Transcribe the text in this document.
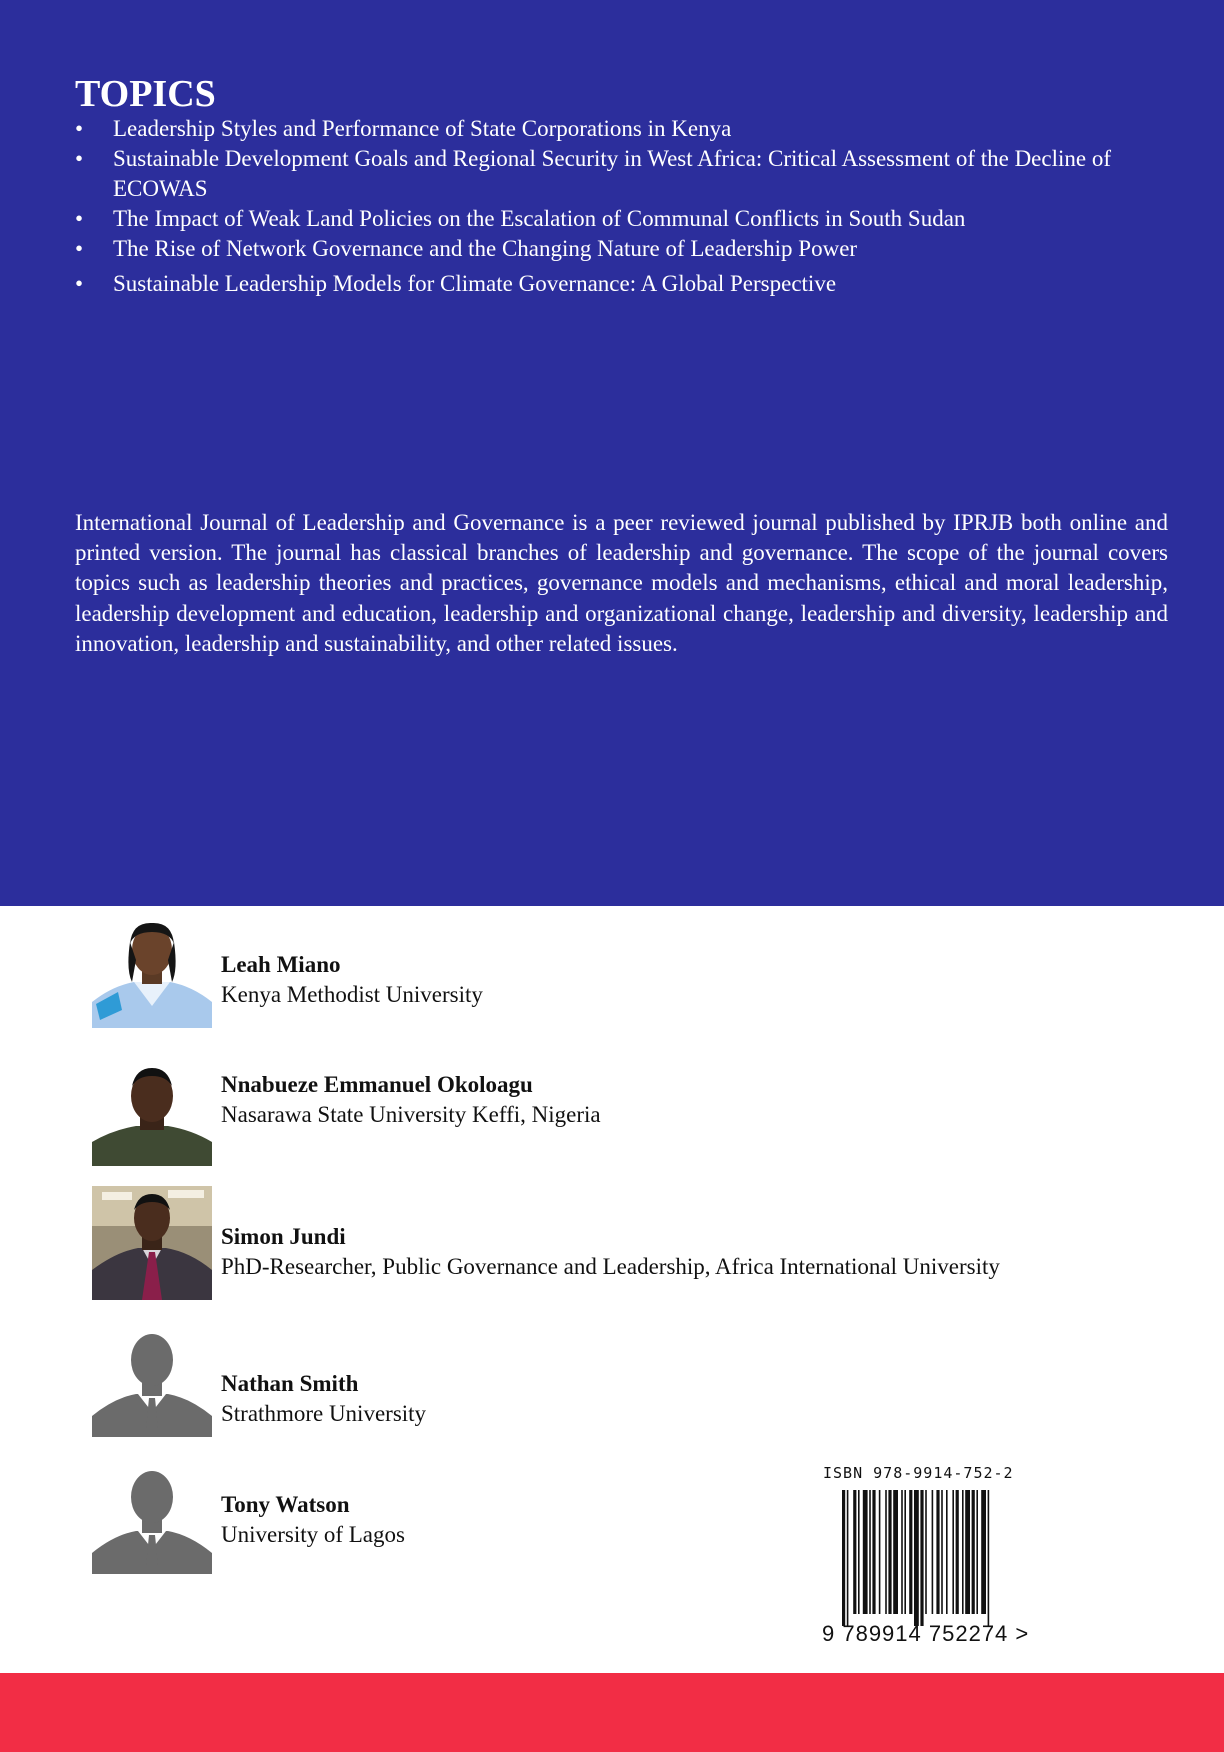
TOPICS
• Leadership Styles and Performance of State Corporations in Kenya
• Sustainable Development Goals and Regional Security in West Africa: Critical Assessment of the Decline of ECOWAS
• The Impact of Weak Land Policies on the Escalation of Communal Conflicts in South Sudan
• The Rise of Network Governance and the Changing Nature of Leadership Power
• Sustainable Leadership Models for Climate Governance: A Global Perspective

International Journal of Leadership and Governance is a peer reviewed journal published by IPRJB both online and printed version. The journal has classical branches of leadership and governance. The scope of the journal covers topics such as leadership theories and practices, governance models and mechanisms, ethical and moral leadership, leadership development and education, leadership and organizational change, leadership and diversity, leadership and innovation, leadership and sustainability, and other related issues.

Leah Miano
Kenya Methodist University
Nnabueze Emmanuel Okoloagu
Nasarawa State University Keffi, Nigeria
Simon Jundi
PhD-Researcher, Public Governance and Leadership, Africa International University
Nathan Smith
Strathmore University
Tony Watson
University of Lagos
ISBN 978-9914-752-2
9 789914 752274 >
